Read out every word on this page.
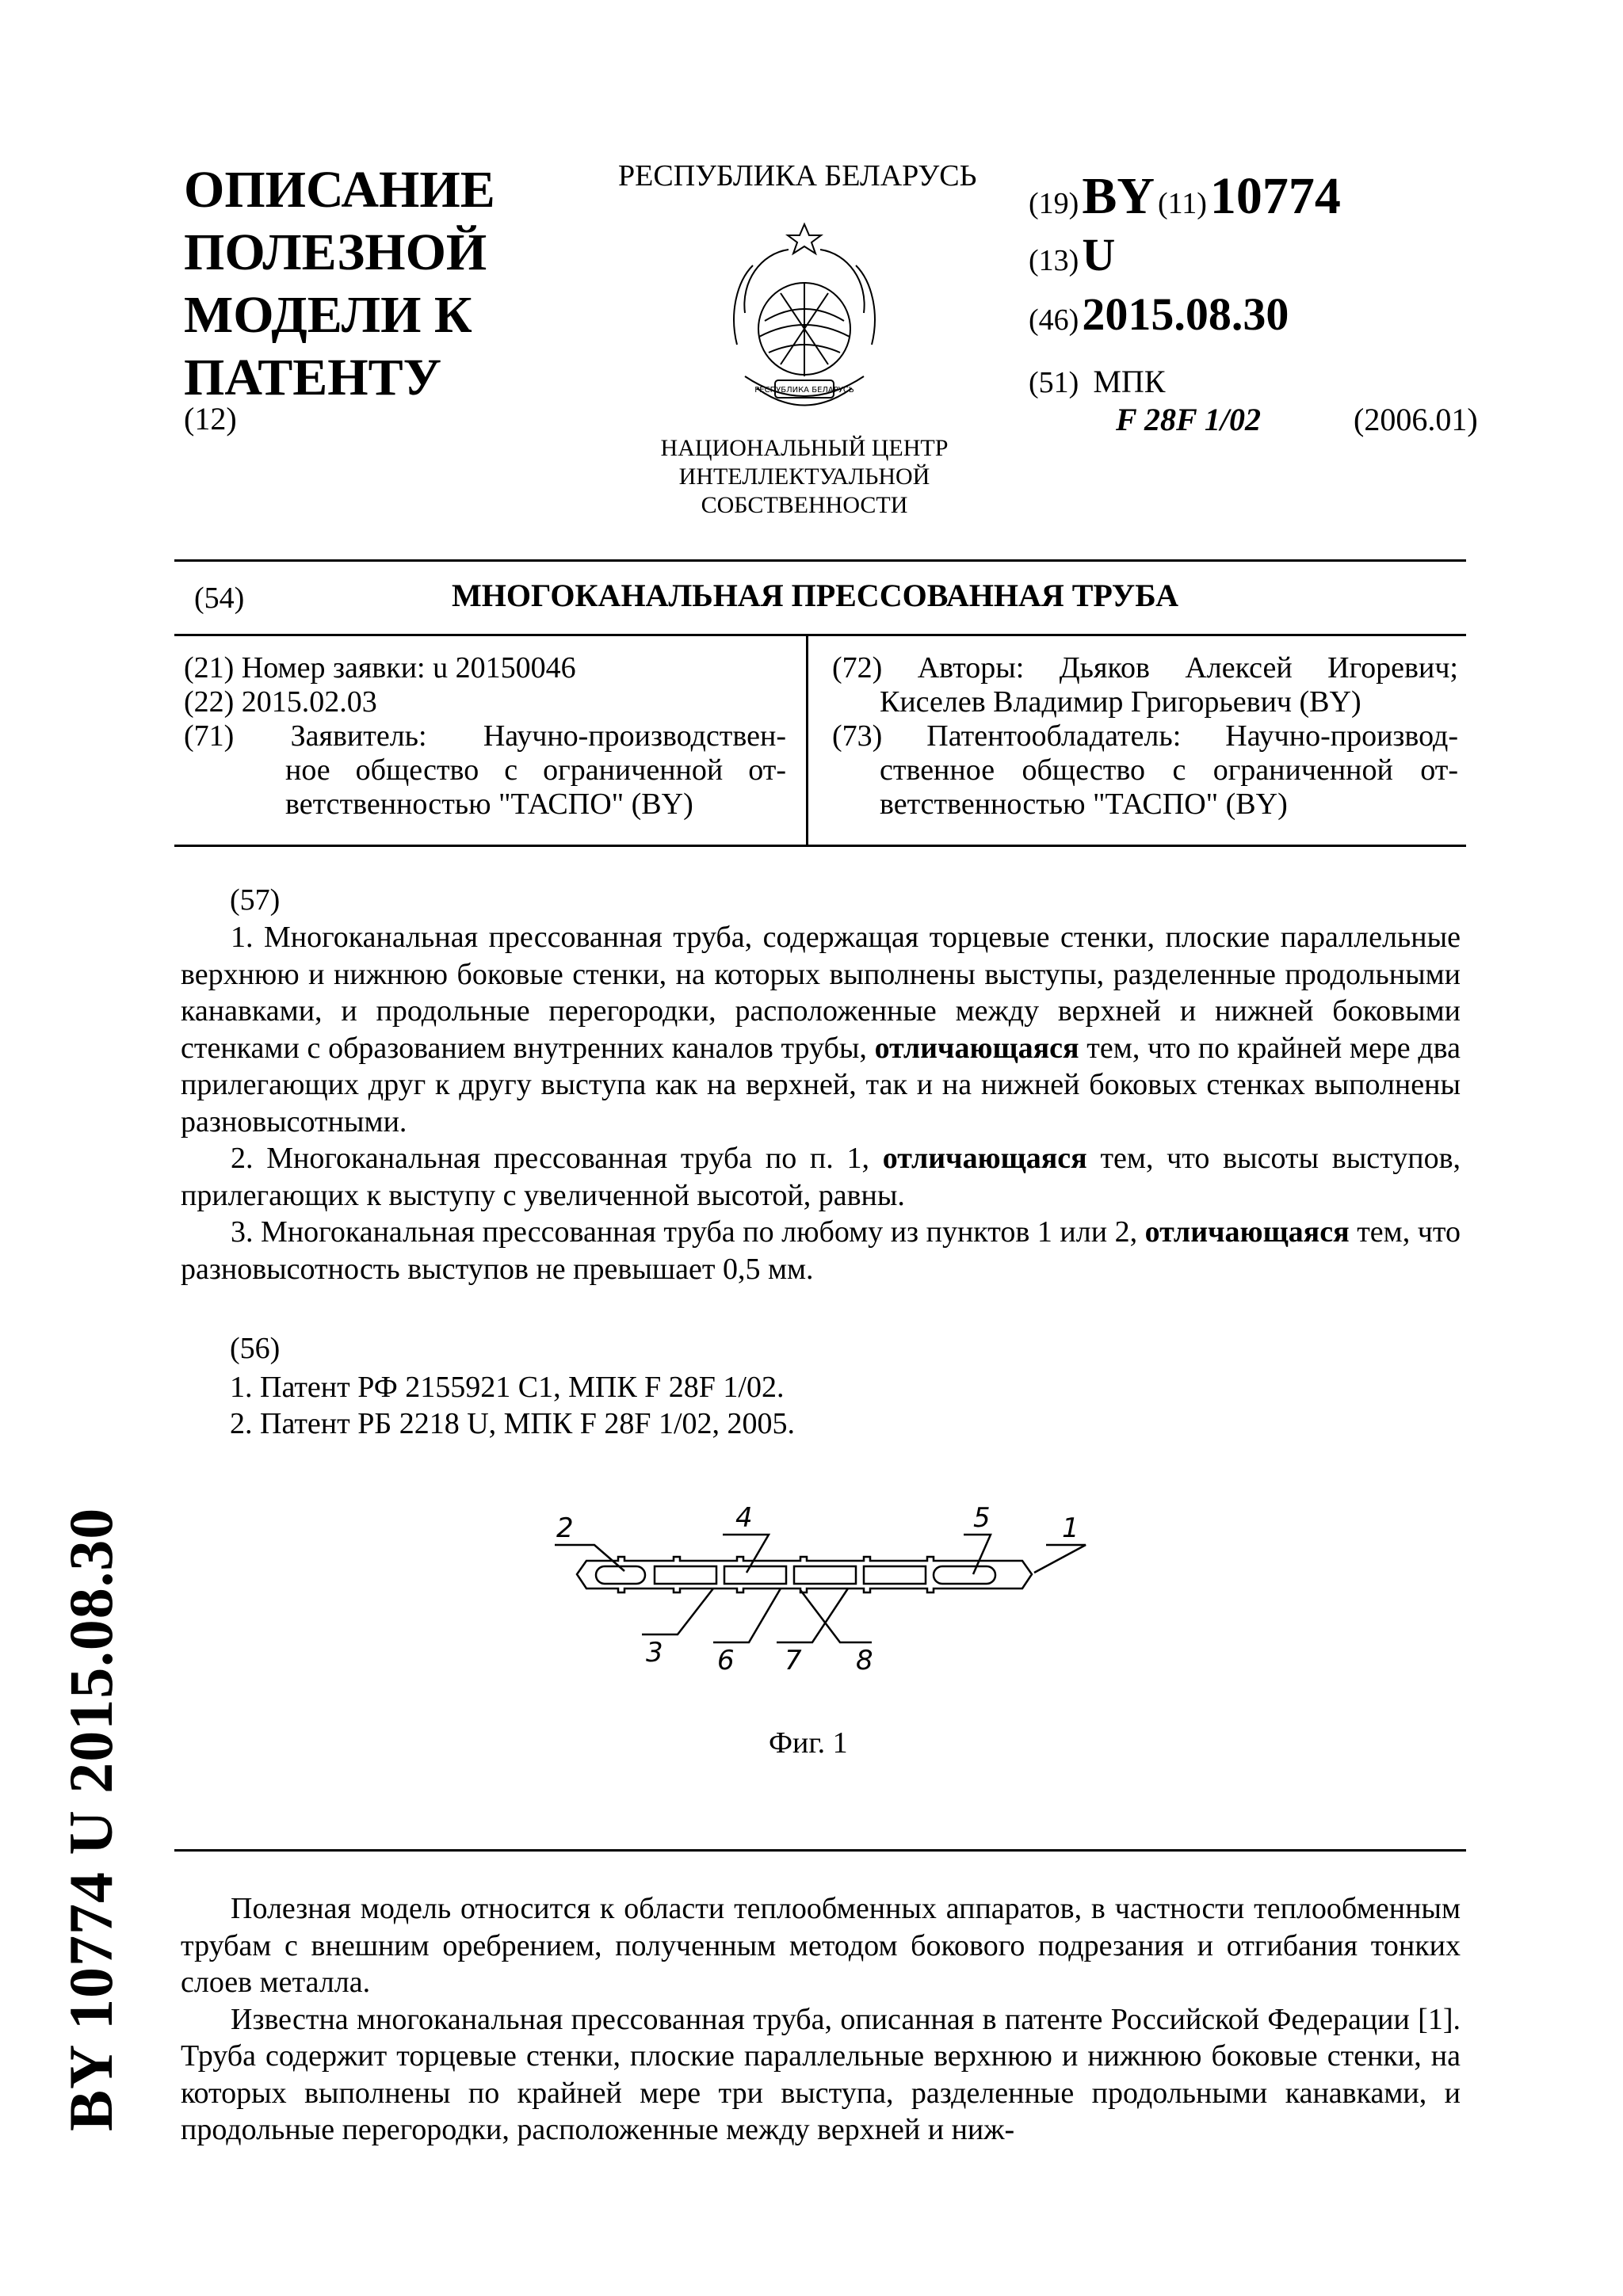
ОПИСАНИЕ
ПОЛЕЗНОЙ
МОДЕЛИ К
ПАТЕНТУ
(12)
РЕСПУБЛИКА БЕЛАРУСЬ
РЕСПУБЛИКА БЕЛАРУСЬ
НАЦИОНАЛЬНЫЙ ЦЕНТР
ИНТЕЛЛЕКТУАЛЬНОЙ
СОБСТВЕННОСТИ
(19) BY (11) 10774
(13) U
(46) 2015.08.30
(51) МПК
F 28F 1/02	(2006.01)
(54)	МНОГОКАНАЛЬНАЯ ПРЕССОВАННАЯ ТРУБА
(21) Номер заявки: u 20150046
(22) 2015.02.03
(71) Заявитель: Научно-производствен-
ное общество с ограниченной от-
ветственностью "ТАСПО" (BY)
(72) Авторы: Дьяков Алексей Игоревич;
Киселев Владимир Григорьевич (BY)
(73) Патентообладатель: Научно-производ-
ственное общество с ограниченной от-
ветственностью "ТАСПО" (BY)
(57)

1. Многоканальная прессованная труба, содержащая торцевые стенки, плоские параллельные верхнюю и нижнюю боковые стенки, на которых выполнены выступы, разделенные продольными канавками, и продольные перегородки, расположенные между верхней и нижней боковыми стенками с образованием внутренних каналов трубы, отличающаяся тем, что по крайней мере два прилегающих друг к другу выступа как на верхней, так и на нижней боковых стенках выполнены разновысотными.

2. Многоканальная прессованная труба по п. 1, отличающаяся тем, что высоты выступов, прилегающих к выступу с увеличенной высотой, равны.

3. Многоканальная прессованная труба по любому из пунктов 1 или 2, отличающаяся тем, что разновысотность выступов не превышает 0,5 мм.

(56)
1. Патент РФ 2155921 С1, МПК F 28F 1/02.
2. Патент РБ 2218 U, МПК F 28F 1/02, 2005.
2	4	5	1
3 6 7 8
Фиг. 1

Полезная модель относится к области теплообменных аппаратов, в частности теплообменным трубам с внешним оребрением, полученным методом бокового подрезания и отгибания тонких слоев металла.

Известна многоканальная прессованная труба, описанная в патенте Российской Федерации [1]. Труба содержит торцевые стенки, плоские параллельные верхнюю и нижнюю боковые стенки, на которых выполнены по крайней мере три выступа, разделенные продольными канавками, и продольные перегородки, расположенные между верхней и ниж-

BY 10774 U 2015.08.30
